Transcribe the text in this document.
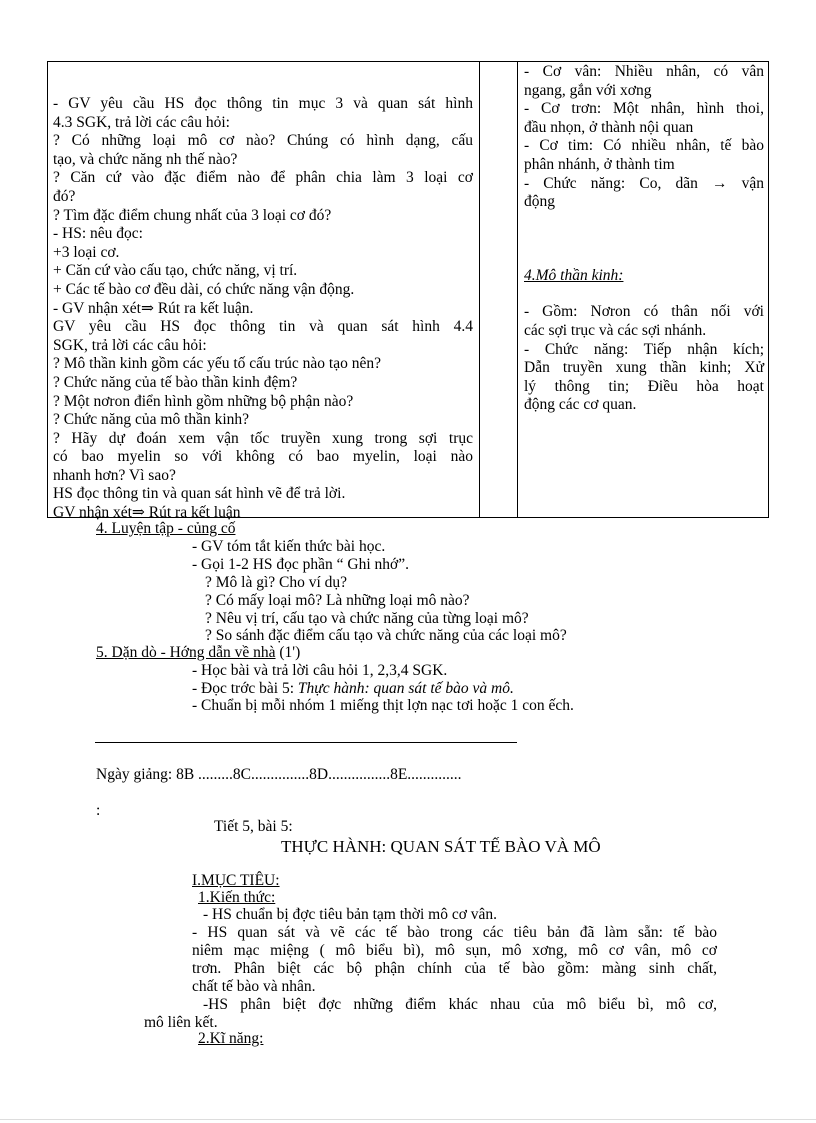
- GV yêu cầu HS đọc thông tin mục 3 và quan sát hình
4.3 SGK, trả lời các câu hỏi:
? Có những loại mô cơ nào? Chúng có hình dạng, cấu
tạo, và chức năng nh thế nào?
? Căn cứ vào đặc điểm nào để phân chia làm 3 loại cơ
đó?
? Tìm đặc điểm chung nhất của 3 loại cơ đó?
- HS: nêu đọc:
+3 loại cơ.
+ Căn cứ vào cấu tạo, chức năng, vị trí.
+ Các tế bào cơ đều dài, có chức năng vận động.
- GV nhận xét⇒ Rút ra kết luận.
GV yêu cầu HS đọc thông tin và quan sát hình 4.4
SGK, trả lời các câu hỏi:
? Mô thần kinh gồm các yếu tố cấu trúc nào tạo nên?
? Chức năng của tế bào thần kinh đệm?
? Một nơron điển hình gồm những bộ phận nào?
? Chức năng của mô thần kinh?
? Hãy dự đoán xem vận tốc truyền xung trong sợi trục
có bao myelin so với không có bao myelin, loại nào
nhanh hơn? Vì sao?
HS đọc thông tin và quan sát hình vẽ để trả lời.
GV nhận xét⇒ Rút ra kết luận
- Cơ vân: Nhiều nhân, có vân
ngang, gắn với xơng
- Cơ trơn: Một nhân, hình thoi,
đầu nhọn, ở thành nội quan
- Cơ tim: Có nhiều nhân, tế bào
phân nhánh, ở thành tim
- Chức năng: Co, dãn → vận
động
4.Mô thần kinh:
- Gồm: Nơron có thân nối với
các sợi trục và các sợi nhánh.
- Chức năng: Tiếp nhận kích;
Dẫn truyền xung thần kinh; Xử
lý thông tin; Điều hòa hoạt
động các cơ quan.
4. Luyện tập - củng cố
- GV tóm tắt kiến thức bài học.
- Gọi 1-2 HS đọc phần “ Ghi nhớ”.
? Mô là gì? Cho ví dụ?
? Có mấy loại mô? Là những loại mô nào?
? Nêu vị trí, cấu tạo và chức năng của từng loại mô?
? So sánh đặc điểm cấu tạo và chức năng của các loại mô?
5. Dặn dò - Hớng dẫn về nhà (1')
- Học bài và trả lời câu hỏi 1, 2,3,4 SGK.
- Đọc trớc bài 5: Thực hành: quan sát tế bào và mô.
- Chuẩn bị mỗi nhóm 1 miếng thịt lợn nạc tơi hoặc 1 con ếch.
Ngày giảng: 8B .........8C...............8D................8E..............
:
Tiết 5, bài 5:
THỰC HÀNH: QUAN SÁT TẾ BÀO VÀ MÔ
I.MỤC TIÊU:
1.Kiến thức:
- HS chuẩn bị đợc tiêu bản tạm thời mô cơ vân.
- HS quan sát và vẽ các tế bào trong các tiêu bản đã làm sẵn: tế bào
niêm mạc miệng ( mô biểu bì), mô sụn, mô xơng, mô cơ vân, mô cơ
trơn. Phân biệt các bộ phận chính của tế bào gồm: màng sinh chất,
chất tế bào và nhân.
-HS phân biệt đợc những điểm khác nhau của mô biểu bì, mô cơ,
mô liên kết.
2.Kĩ năng:
